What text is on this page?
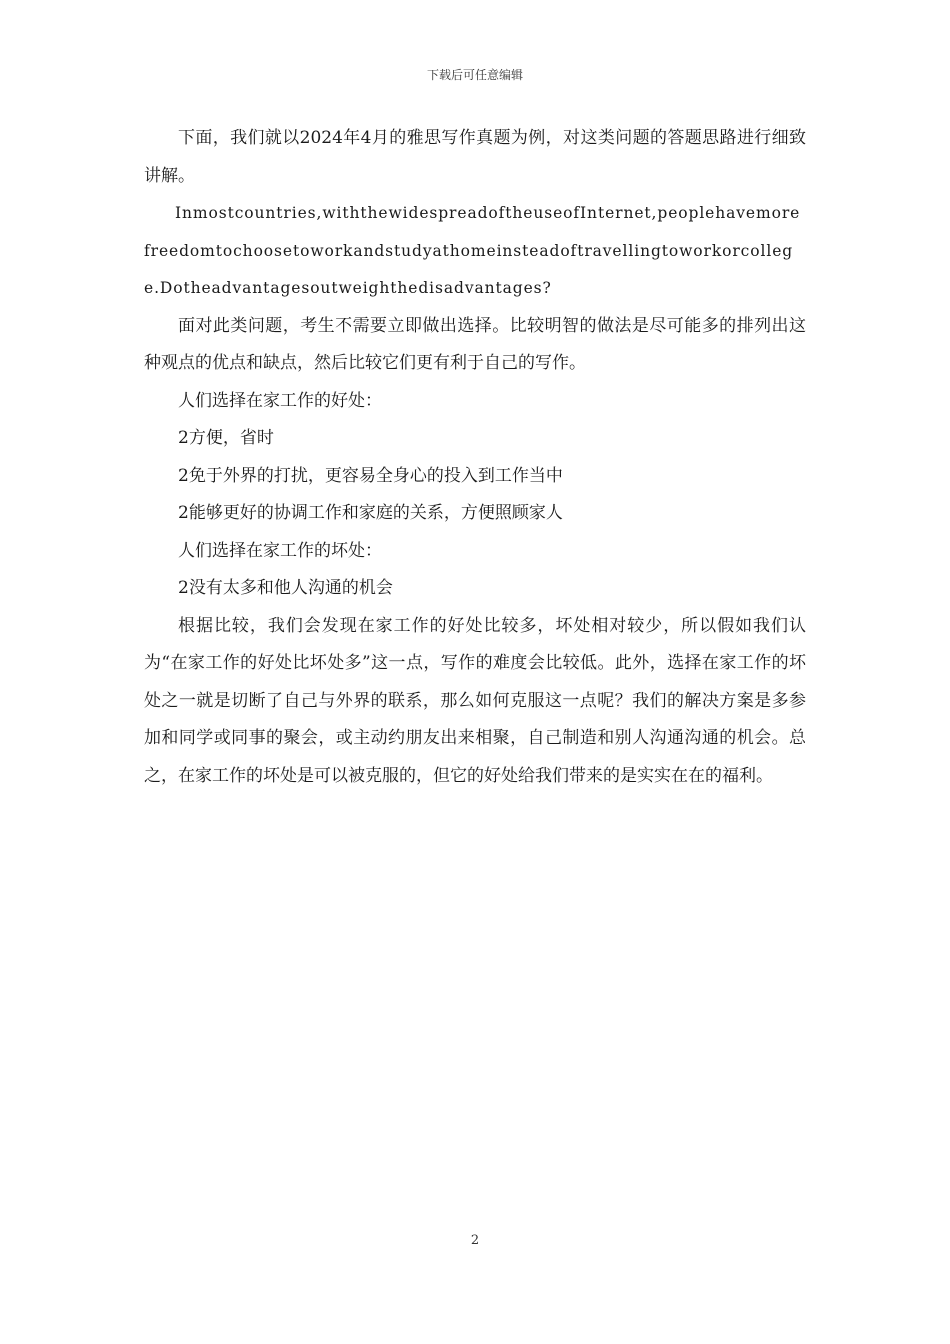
下载后可任意编辑

下面，我们就以2024年4月的雅思写作真题为例，对这类问题的答题思路进行细致讲解。

Inmostcountries,withthewidespreadoftheuseofInternet,peoplehavemorefreedomtochoosetoworkandstudyathomeinsteadoftravellingtoworkorcollege.Dotheadvantagesoutweighthedisadvantages?

面对此类问题，考生不需要立即做出选择。比较明智的做法是尽可能多的排列出这种观点的优点和缺点，然后比较它们更有利于自己的写作。

人们选择在家工作的好处：

2方便，省时

2免于外界的打扰，更容易全身心的投入到工作当中

2能够更好的协调工作和家庭的关系，方便照顾家人

人们选择在家工作的坏处：

2没有太多和他人沟通的机会

根据比较，我们会发现在家工作的好处比较多，坏处相对较少，所以假如我们认为“在家工作的好处比坏处多”这一点，写作的难度会比较低。此外，选择在家工作的坏处之一就是切断了自己与外界的联系，那么如何克服这一点呢？我们的解决方案是多参加和同学或同事的聚会，或主动约朋友出来相聚，自己制造和别人沟通沟通的机会。总之，在家工作的坏处是可以被克服的，但它的好处给我们带来的是实实在在的福利。

2
